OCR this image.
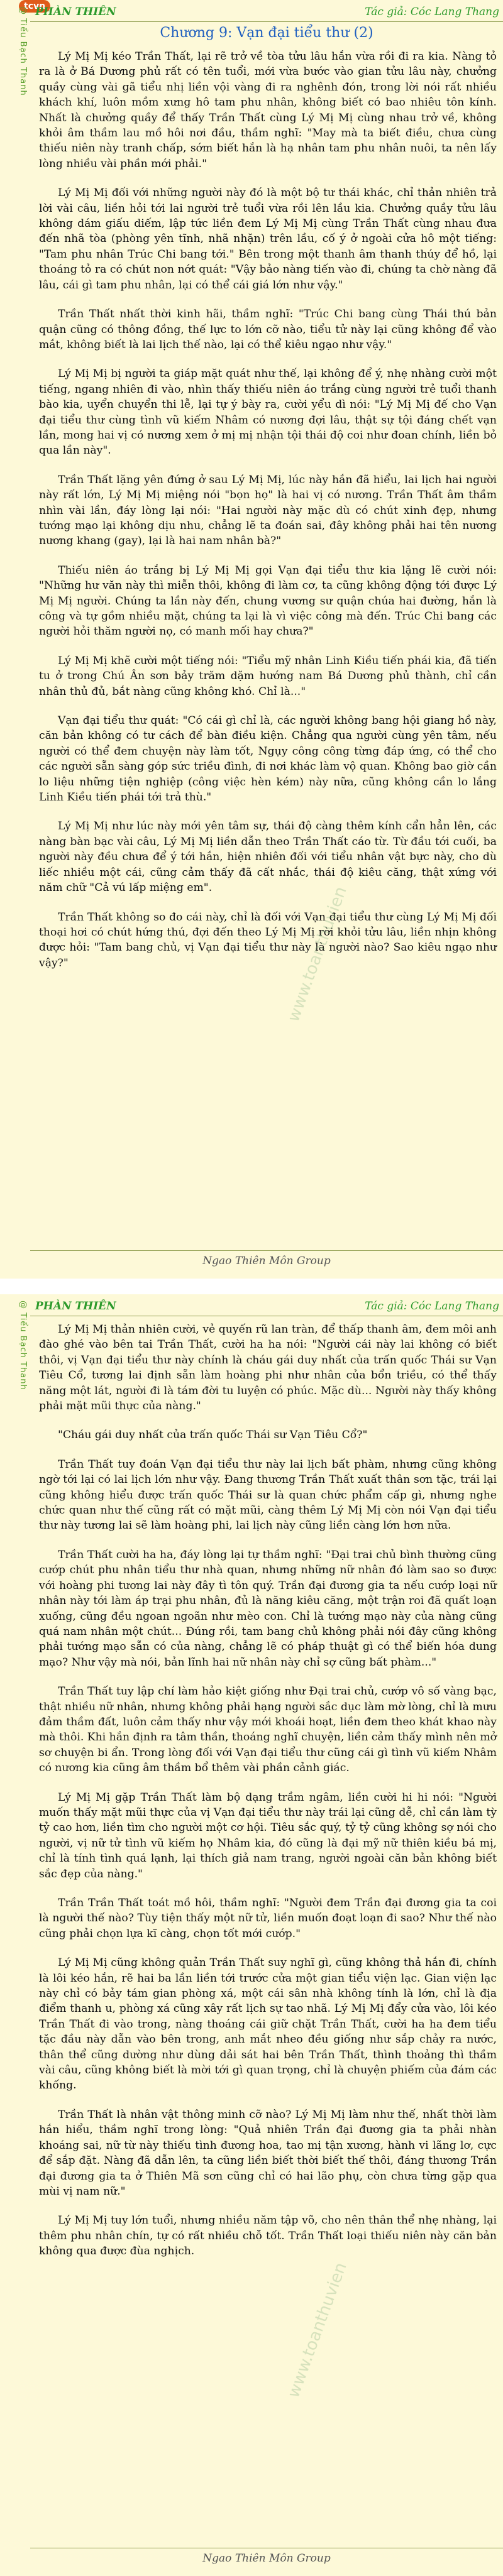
tcvn
@ Tiểu Bạch Thanh PHÀN THIÊN	Tác giả: Cóc Lang Thang
Chương 9: Vạn đại tiểu thư (2)

Lý Mị Mị kéo Trần Thất, lại rẽ trở về tòa tửu lâu hắn vừa rồi đi ra kia. Nàng tỏ ra là ở Bá Dương phủ rất có tên tuổi, mới vừa bước vào gian tửu lâu này, chưởng quầy cùng vài gã tiểu nhị liền vội vàng đi ra nghênh đón, trong lời nói rất nhiều khách khí, luôn mồm xưng hô tam phu nhân, không biết có bao nhiêu tôn kính. Nhất là chưởng quầy để thấy Trần Thất cùng Lý Mị Mị cùng nhau trở về, không khỏi âm thầm lau mồ hôi nơi đầu, thầm nghĩ: "May mà ta biết điều, chưa cùng thiếu niên này tranh chấp, sớm biết hắn là hạ nhân tam phu nhân nuôi, ta nên lấy lòng nhiều vài phần mới phải."

Lý Mị Mị đối với những người này đó là một bộ tư thái khác, chỉ thản nhiên trả lời vài câu, liền hỏi tới lai người trẻ tuổi vừa rồi lên lầu kia. Chưởng quầy tửu lâu không dám giấu diếm, lập tức liền đem Lý Mị Mị cùng Trần Thất cùng nhau đưa đến nhã tòa (phòng yên tĩnh, nhã nhặn) trên lầu, cố ý ở ngoài cửa hô một tiếng: "Tam phu nhân Trúc Chi bang tới." Bên trong một thanh âm thanh thúy để hồ, lại thoáng tỏ ra có chút non nớt quát: "Vậy bảo nàng tiến vào đi, chúng ta chờ nàng đã lâu, cái gì tam phu nhân, lại có thể cái giá lớn như vậy."

Trần Thất nhất thời kinh hãi, thầm nghĩ: "Trúc Chi bang cùng Thái thú bản quận cũng có thông đồng, thế lực to lớn cỡ nào, tiểu tử này lại cũng không để vào mắt, không biết là lai lịch thế nào, lại có thể kiêu ngạo như vậy."

Lý Mị Mị bị người ta giáp mặt quát như thế, lại không để ý, nhẹ nhàng cười một tiếng, ngang nhiên đi vào, nhìn thấy thiếu niên áo trắng cùng người trẻ tuổi thanh bào kia, uyển chuyển thi lễ, lại tự ý bày ra, cười yểu dì nói: "Lý Mị Mị đế cho Vạn đại tiểu thư cùng tình vũ kiếm Nhâm có nương đợi lâu, thật sự tội đáng chết vạn lần, mong hai vị có nương xem ở mị mị nhận tội thái độ coi như đoan chính, liền bỏ qua lần này".

Trần Thất lặng yên đứng ở sau Lý Mị Mị, lúc này hắn đã hiểu, lai lịch hai người này rất lớn, Lý Mị Mị miệng nói "bọn họ" là hai vị có nương. Trần Thất âm thầm nhìn vài lần, đáy lòng lại nói: "Hai người này mặc dù có chút xinh đẹp, nhưng tướng mạo lại không dịu nhu, chẳng lẽ ta đoán sai, đây không phải hai tên nương nương khang (gay), lại là hai nam nhân bà?"

Thiếu niên áo trắng bị Lý Mị Mị gọi Vạn đại tiểu thư kia lặng lẽ cười nói: "Những hư văn này thì miễn thôi, không đi làm cơ, ta cũng không động tới được Lý Mị Mị người. Chúng ta lần này đến, chung vương sư quận chúa hai đường, hắn là công và tự gồm nhiều mặt, chúng ta lại là vì việc công mà đến. Trúc Chi bang các người hỏi thăm người nọ, có manh mối hay chưa?"

Lý Mị Mị khẽ cười một tiếng nói: "Tiểu mỹ nhân Linh Kiều tiến phái kia, đã tiến tu ở trong Chú Ân sơn bảy trăm dặm hướng nam Bá Dương phủ thành, chỉ cần nhân thủ đủ, bắt nàng cũng không khó. Chỉ là..."

Vạn đại tiểu thư quát: "Có cái gì chỉ là, các người không bang hội giang hồ này, căn bản không có tư cách để bàn điều kiện. Chẳng qua người cùng yên tâm, nếu người có thể đem chuyện này làm tốt, Ngụy công công từng đáp ứng, có thể cho các người sẵn sàng góp sức triều đình, đi nơi khác làm vộ quan. Không bao giờ cần lo liệu những tiện nghiệp (công việc hèn kém) này nữa, cũng không cần lo lắng Linh Kiều tiến phái tới trả thù."

Lý Mị Mị như lúc này mới yên tâm sự, thái độ càng thêm kính cẩn hẳn lên, các nàng bàn bạc vài câu, Lý Mị Mị liền dẫn theo Trần Thất cáo từ. Từ đầu tới cuối, ba người này đều chưa để ý tới hắn, hiện nhiên đối với tiểu nhân vật bực này, cho dù liếc nhiều một cái, cũng cảm thấy đã cất nhắc, thái độ kiêu căng, thật xứng với năm chữ "Cả vú lấp miệng em".

Trần Thất không so đo cái này, chỉ là đối với Vạn đại tiểu thư cùng Lý Mị Mị đối thoại hơi có chút hứng thú, đợi đến theo Lý Mị Mị rời khỏi tửu lâu, liền nhịn không được hỏi: "Tam bang chủ, vị Vạn đại tiểu thư này là người nào? Sao kiêu ngạo như vậy?"	www.toanthuvien
Ngao Thiên Môn Group
@ Tiểu Bạch Thanh PHÀN THIÊN	Tác giả: Cóc Lang Thang

Lý Mị Mị thản nhiên cười, vẻ quyến rũ lan tràn, để thấp thanh âm, đem môi anh đào ghé vào bên tai Trần Thất, cười ha ha nói: "Người cái này lai không có biết thôi, vị Vạn đại tiểu thư này chính là cháu gái duy nhất của trấn quốc Thái sư Vạn Tiêu Cổ, tương lai định sẵn làm hoàng phi như nhân của bổn triều, có thể thấy năng một lát, người đi là tám đời tu luyện có phúc. Mặc dù... Người này thấy không phải mặt mũi thực của nàng."

"Cháu gái duy nhất của trấn quốc Thái sư Vạn Tiêu Cổ?"

Trần Thất tuy đoán Vạn đại tiểu thư này lai lịch bất phàm, nhưng cũng không ngờ tới lại có lai lịch lớn như vậy. Đang thương Trần Thất xuất thân sơn tặc, trái lại cũng không hiểu được trấn quốc Thái sư là quan chức phẩm cấp gì, nhưng nghe chức quan như thế cũng rất có mặt mũi, càng thêm Lý Mị Mị còn nói Vạn đại tiểu thư này tương lai sẽ làm hoàng phi, lai lịch này cũng liền càng lớn hơn nữa.

Trần Thất cười ha ha, đáy lòng lại tự thầm nghĩ: "Đại trai chủ bình thường cũng cướp chút phu nhân tiểu thư nhà quan, nhưng những nữ nhân đó làm sao so được với hoàng phi tương lai này đây tì tôn quý. Trần đại đương gia ta nếu cướp loại nữ nhân này tới làm áp trại phu nhân, đủ là năng kiêu căng, một trận roi đã quất loạn xuống, cũng đều ngoan ngoãn như mèo con. Chỉ là tướng mạo này của nàng cũng quá nam nhân một chút... Đúng rồi, tam bang chủ không phải nói đây cũng không phải tướng mạo sẵn có của nàng, chẳng lẽ có pháp thuật gì có thể biến hóa dung mạo? Như vậy mà nói, bản lĩnh hai nữ nhân này chỉ sợ cũng bất phàm..."

Trần Thất tuy lập chí làm hảo kiệt giống như Đại trai chủ, cướp vô số vàng bạc, thật nhiều nữ nhân, nhưng không phải hạng người sắc dục làm mờ lòng, chỉ là mưu đảm thầm đất, luôn cảm thấy như vậy mới khoái hoạt, liền đem theo khát khao này mà thôi. Khi hắn định ra tâm thần, thoáng nghĩ chuyện, liền cảm thấy mình nên mở sơ chuyện bi ẩn. Trong lòng đối với Vạn đại tiểu thư cũng cái gì tình vũ kiếm Nhâm có nương kia cũng âm thầm bổ thêm vài phần cảnh giác.

Lý Mị Mị gặp Trần Thất làm bộ dạng trầm ngâm, liền cười hi hi nói: "Người muốn thấy mặt mũi thực của vị Vạn đại tiểu thư này trái lại cũng dễ, chỉ cần làm tỳ tỷ cao hơn, liền tìm cho người một cơ hội. Tiêu sắc quý, tỷ tỷ cũng không sợ nói cho người, vị nữ tử tình vũ kiếm họ Nhâm kia, đó cũng là đại mỹ nữ thiên kiều bá mị, chỉ là tính tình quá lạnh, lại thích giả nam trang, người ngoài căn bản không biết sắc đẹp của nàng."

Trần Trần Thất toát mồ hôi, thầm nghĩ: "Người đem Trần đại đương gia ta coi là người thế nào? Tùy tiện thấy một nữ tử, liền muốn đoạt loạn đi sao? Như thế nào cũng phải chọn lựa kĩ càng, chọn tốt mới cướp."

Lý Mị Mị cũng không quản Trần Thất suy nghĩ gì, cũng không thả hắn đi, chính là lôi kéo hắn, rẽ hai ba lần liền tới trước cửa một gian tiểu viện lạc. Gian viện lạc này chỉ có bảy tám gian phòng xá, một cái sân nhà không tính là lớn, chỉ là địa điểm thanh u, phòng xá cũng xây rất lịch sự tao nhã. Lý Mị Mị đẩy cửa vào, lôi kéo Trần Thất đi vào trong, nàng thoáng cái giữ chặt Trần Thất, cười ha ha đem tiểu tặc đầu này dẫn vào bên trong, anh mắt nheo đều giống như sắp chảy ra nước, thân thể cũng dường như dùng dải sát hai bên Trần Thất, thình thoảng thì thầm vài câu, cũng không biết là mời tới gì quan trọng, chỉ là chuyện phiếm của đám các khống.

Trần Thất là nhân vật thông minh cỡ nào? Lý Mị Mị làm như thế, nhất thời làm hắn hiểu, thầm nghĩ trong lòng: "Quả nhiên Trần đại đương gia ta phải nhàn khoáng sai, nữ từ này thiếu tình đương hoa, tao mị tận xương, hành vi lãng lơ, cực để sắp đặt. Nàng đã dẫn lên, ta cũng liền biết thời biết thế thôi, đáng thương Trần đại đương gia ta ở Thiên Mã sơn cũng chỉ có hai lão phụ, còn chưa từng gặp qua mùi vị nam nữ."

Lý Mị Mị tuy lớn tuổi, nhưng nhiều năm tập võ, cho nên thân thể nhẹ nhàng, lại thêm phu nhân chín, tự có rất nhiều chỗ tốt. Trần Thất loại thiếu niên này căn bản không qua được đùa nghịch.

www.toanthuvien
Ngao Thiên Môn Group
